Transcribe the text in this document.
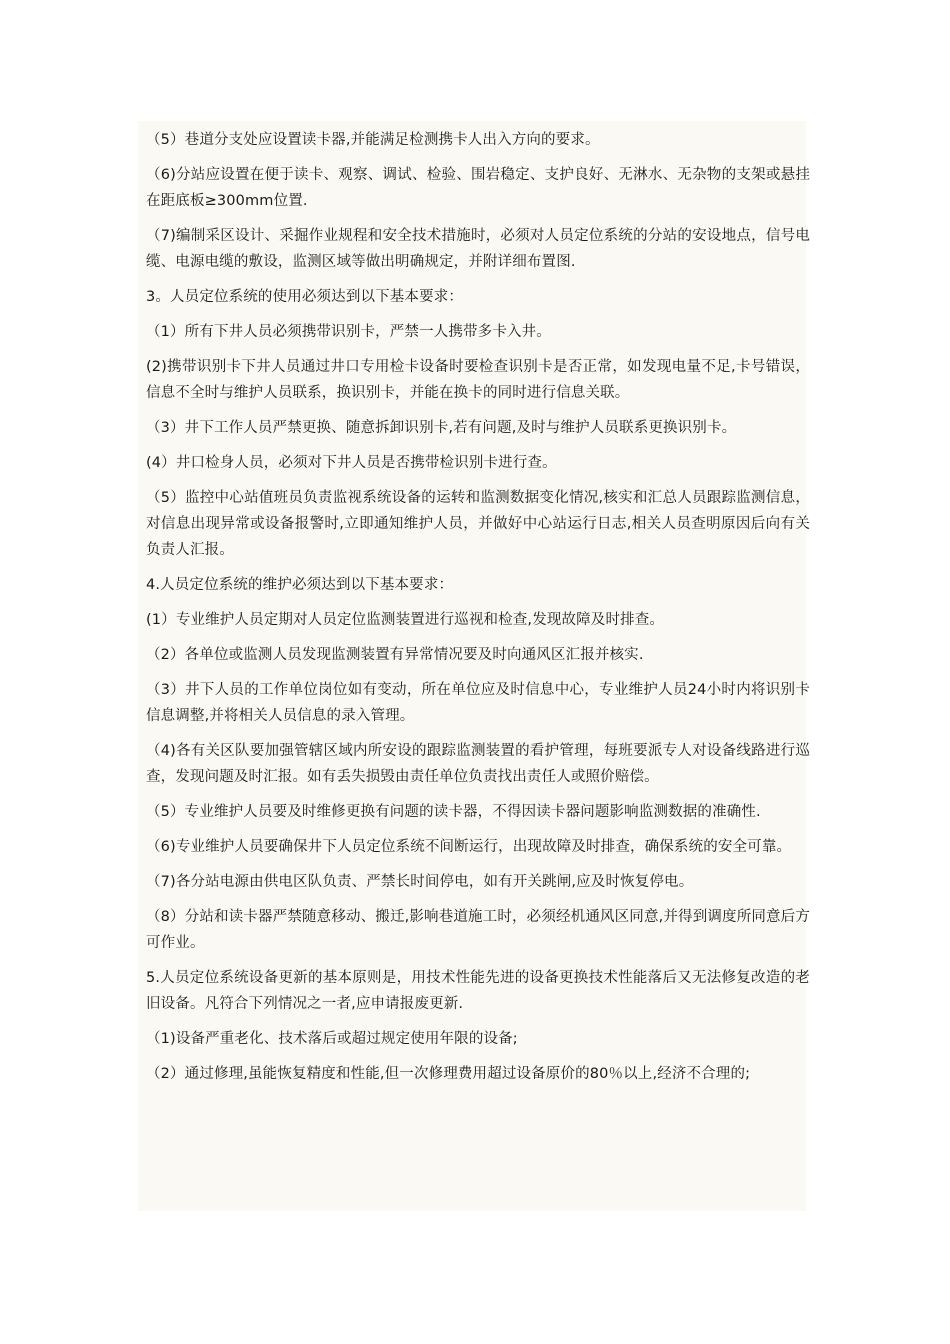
（5）巷道分支处应设置读卡器,并能满足检测携卡人出入方向的要求。

（6)分站应设置在便于读卡、观察、调试、检验、围岩稳定、支护良好、无淋水、无杂物的支架或悬挂在距底板≥300mm位置.

（7)编制采区设计、采掘作业规程和安全技术措施时，必须对人员定位系统的分站的安设地点，信号电缆、电源电缆的敷设，监测区域等做出明确规定，并附详细布置图.

3。人员定位系统的使用必须达到以下基本要求：

（1）所有下井人员必须携带识别卡，严禁一人携带多卡入井。

(2)携带识别卡下井人员通过井口专用检卡设备时要检查识别卡是否正常，如发现电量不足,卡号错误，信息不全时与维护人员联系，换识别卡，并能在换卡的同时进行信息关联。

（3）井下工作人员严禁更换、随意拆卸识别卡,若有问题,及时与维护人员联系更换识别卡。

(4）井口检身人员，必须对下井人员是否携带检识别卡进行查。

（5）监控中心站值班员负责监视系统设备的运转和监测数据变化情况,核实和汇总人员跟踪监测信息，对信息出现异常或设备报警时,立即通知维护人员，并做好中心站运行日志,相关人员查明原因后向有关负责人汇报。

4.人员定位系统的维护必须达到以下基本要求：

(1）专业维护人员定期对人员定位监测装置进行巡视和检查,发现故障及时排查。

（2）各单位或监测人员发现监测装置有异常情况要及时向通风区汇报并核实.

（3）井下人员的工作单位岗位如有变动，所在单位应及时信息中心，专业维护人员24小时内将识别卡信息调整,并将相关人员信息的录入管理。

（4)各有关区队要加强管辖区域内所安设的跟踪监测装置的看护管理，每班要派专人对设备线路进行巡查，发现问题及时汇报。如有丢失损毁由责任单位负责找出责任人或照价赔偿。

（5）专业维护人员要及时维修更换有问题的读卡器，不得因读卡器问题影响监测数据的准确性.

（6)专业维护人员要确保井下人员定位系统不间断运行，出现故障及时排查，确保系统的安全可靠。

（7)各分站电源由供电区队负责、严禁长时间停电，如有开关跳闸,应及时恢复停电。

（8）分站和读卡器严禁随意移动、搬迁,影响巷道施工时，必须经机通风区同意,并得到调度所同意后方可作业。

5.人员定位系统设备更新的基本原则是，用技术性能先进的设备更换技术性能落后又无法修复改造的老旧设备。凡符合下列情况之一者,应申请报废更新.

（1)设备严重老化、技术落后或超过规定使用年限的设备;

（2）通过修理,虽能恢复精度和性能,但一次修理费用超过设备原价的80％以上,经济不合理的;
